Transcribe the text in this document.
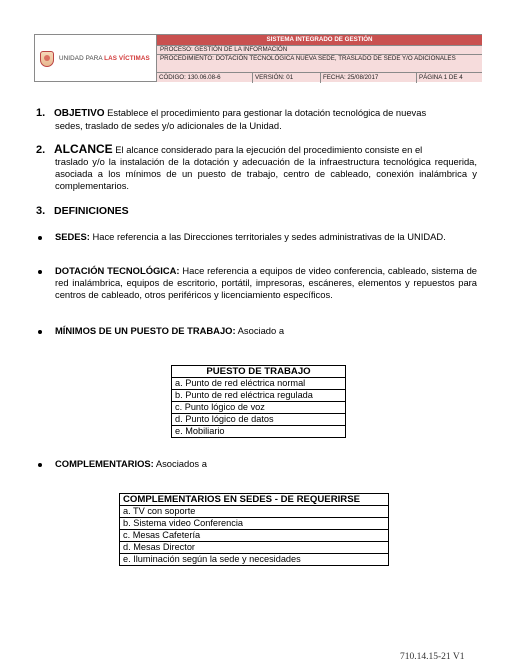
UNIDAD PARA LAS VÍCTIMAS
SISTEMA INTEGRADO DE GESTIÓN
PROCESO: GESTIÓN DE LA INFORMACIÓN
PROCEDIMIENTO: DOTACIÓN TECNOLÓGICA NUEVA SEDE, TRASLADO DE SEDE Y/O ADICIONALES
CÓDIGO: 130.06.08-6	VERSIÓN: 01	FECHA: 25/08/2017	PÁGINA 1 DE 4
1. OBJETIVO Establece el procedimiento para gestionar la dotación tecnológica de nuevas
sedes, traslado de sedes y/o adicionales de la Unidad.
2. ALCANCE El alcance considerado para la ejecución del procedimiento consiste en el
traslado y/o la instalación de la dotación y adecuación de la infraestructura tecnológica requerida, asociada a los mínimos de un puesto de trabajo, centro de cableado, conexión inalámbrica y complementarios.
3. DEFINICIONES
SEDES: Hace referencia a las Direcciones territoriales y sedes administrativas de la UNIDAD.
DOTACIÓN TECNOLÓGICA: Hace referencia a equipos de video conferencia, cableado, sistema de red inalámbrica, equipos de escritorio, portátil, impresoras, escáneres, elementos y repuestos para centros de cableado, otros periféricos y licenciamiento específicos.
MÍNIMOS DE UN PUESTO DE TRABAJO: Asociado a
PUESTO DE TRABAJO
a. Punto de red eléctrica normal
b. Punto de red eléctrica regulada
c. Punto lógico de voz
d. Punto lógico de datos
e. Mobiliario
COMPLEMENTARIOS: Asociados a
COMPLEMENTARIOS EN SEDES - DE REQUERIRSE
a. TV con soporte
b. Sistema video Conferencia
c. Mesas Cafetería
d. Mesas Director
e. Iluminación según la sede y necesidades
710.14.15-21 V1
